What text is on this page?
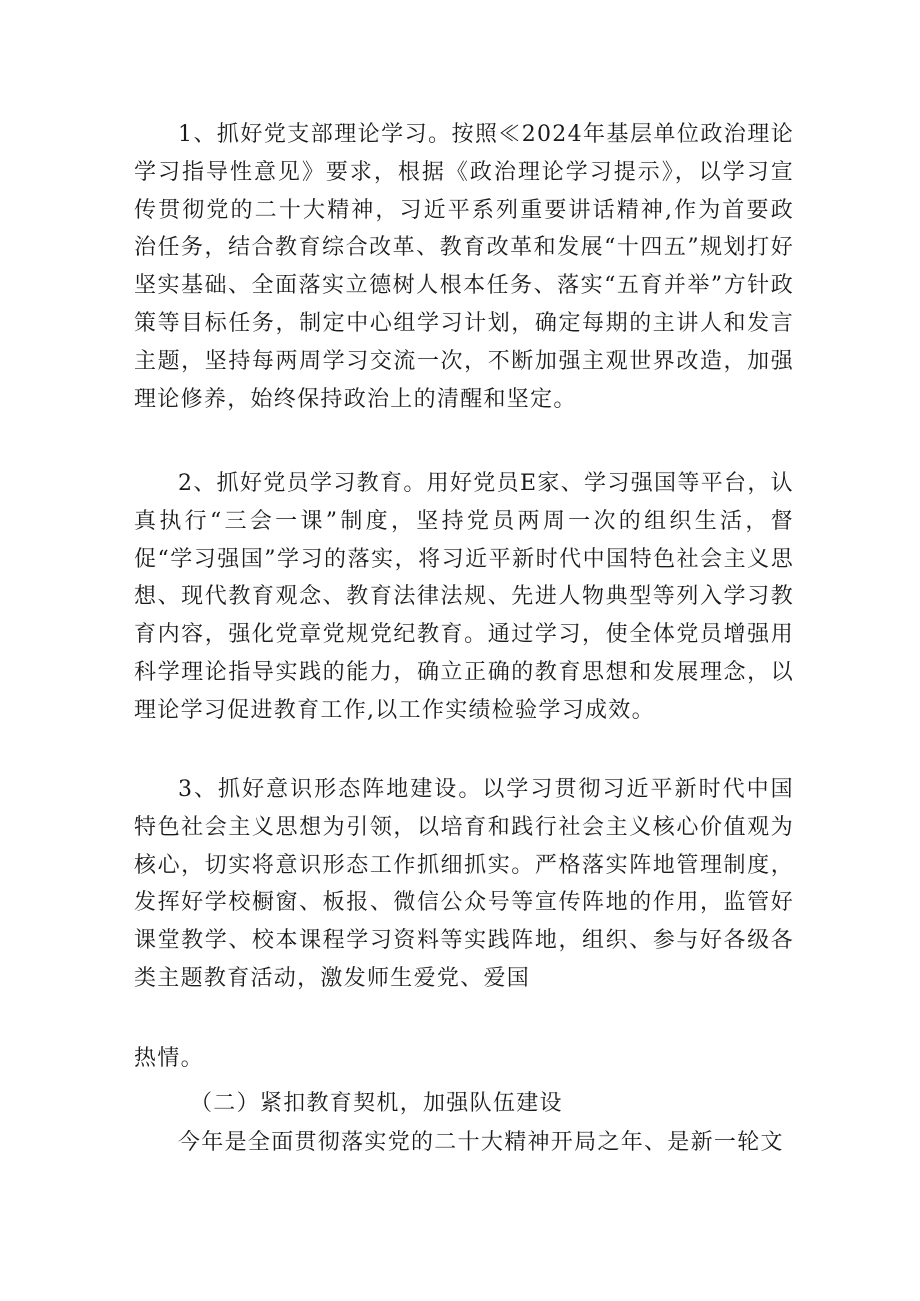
1、抓好党支部理论学习。按照≪2024年基层单位政治理论学习指导性意见》要求，根据《政治理论学习提示》，以学习宣传贯彻党的二十大精神，习近平系列重要讲话精神,作为首要政治任务，结合教育综合改革、教育改革和发展“十四五”规划打好坚实基础、全面落实立德树人根本任务、落实“五育并举”方针政策等目标任务，制定中心组学习计划，确定每期的主讲人和发言主题，坚持每两周学习交流一次，不断加强主观世界改造，加强理论修养，始终保持政治上的清醒和坚定。

2、抓好党员学习教育。用好党员E家、学习强国等平台，认真执行“三会一课”制度，坚持党员两周一次的组织生活，督促“学习强国”学习的落实，将习近平新时代中国特色社会主义思想、现代教育观念、教育法律法规、先进人物典型等列入学习教育内容，强化党章党规党纪教育。通过学习，使全体党员增强用科学理论指导实践的能力，确立正确的教育思想和发展理念，以理论学习促进教育工作,以工作实绩检验学习成效。

3、抓好意识形态阵地建设。以学习贯彻习近平新时代中国特色社会主义思想为引领，以培育和践行社会主义核心价值观为核心，切实将意识形态工作抓细抓实。严格落实阵地管理制度，发挥好学校橱窗、板报、微信公众号等宣传阵地的作用，监管好课堂教学、校本课程学习资料等实践阵地，组织、参与好各级各类主题教育活动，激发师生爱党、爱国

热情。

（二）紧扣教育契机，加强队伍建设

今年是全面贯彻落实党的二十大精神开局之年、是新一轮文
